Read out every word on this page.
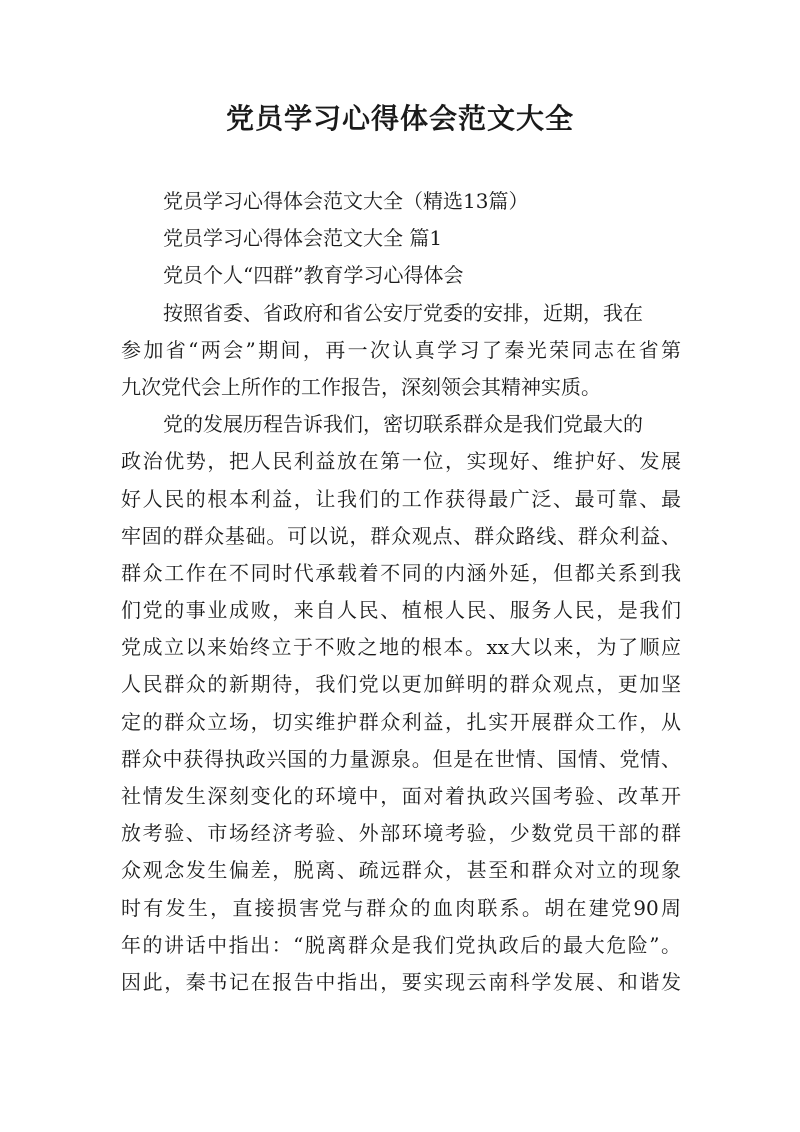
党员学习心得体会范文大全
党员学习心得体会范文大全（精选13篇）
党员学习心得体会范文大全 篇1
党员个人“四群”教育学习心得体会
按照省委、省政府和省公安厅党委的安排，近期，我在
参加省“两会”期间，再一次认真学习了秦光荣同志在省第
九次党代会上所作的工作报告，深刻领会其精神实质。
党的发展历程告诉我们，密切联系群众是我们党最大的
政治优势，把人民利益放在第一位，实现好、维护好、发展
好人民的根本利益，让我们的工作获得最广泛、最可靠、最
牢固的群众基础。可以说，群众观点、群众路线、群众利益、
群众工作在不同时代承载着不同的内涵外延，但都关系到我
们党的事业成败，来自人民、植根人民、服务人民，是我们
党成立以来始终立于不败之地的根本。xx大以来，为了顺应
人民群众的新期待，我们党以更加鲜明的群众观点，更加坚
定的群众立场，切实维护群众利益，扎实开展群众工作，从
群众中获得执政兴国的力量源泉。但是在世情、国情、党情、
社情发生深刻变化的环境中，面对着执政兴国考验、改革开
放考验、市场经济考验、外部环境考验，少数党员干部的群
众观念发生偏差，脱离、疏远群众，甚至和群众对立的现象
时有发生，直接损害党与群众的血肉联系。胡在建党90周
年的讲话中指出：“脱离群众是我们党执政后的最大危险”。
因此，秦书记在报告中指出，要实现云南科学发展、和谐发
